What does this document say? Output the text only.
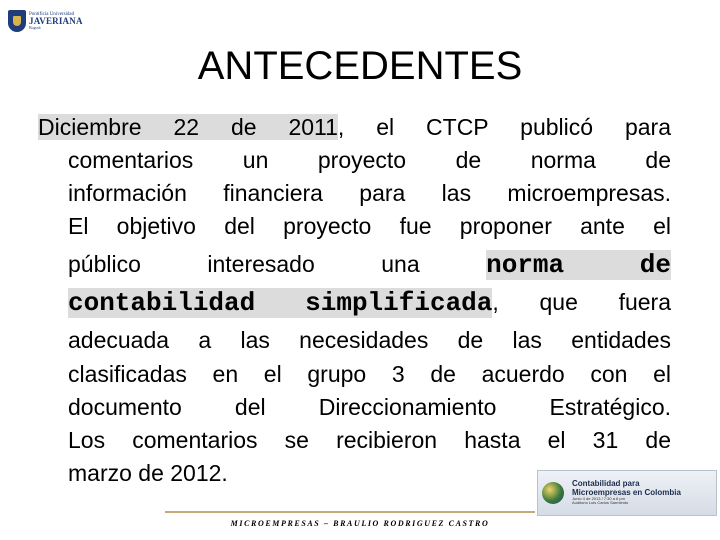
Pontificia Universidad
JAVERIANA
Bogotá
ANTECEDENTES
Diciembre 22 de 2011, el CTCP publicó para
comentarios un proyecto de norma de
información financiera para las microempresas.
El objetivo del proyecto fue proponer ante el
público interesado una	norma de
contabilidad simplificada, que fuera
adecuada a las necesidades de las entidades
clasificadas en el grupo 3 de acuerdo con el
documento del Direccionamiento Estratégico.
Los comentarios se recibieron hasta el 31 de
marzo de 2012.	Contabilidad para
Microempresas en Colombia
Junio 4 de 2013 / 7:30 a 6 pm
Auditorio Luis Carlos Sarmiento
MICROEMPRESAS – BRAULIO RODRIGUEZ CASTRO
